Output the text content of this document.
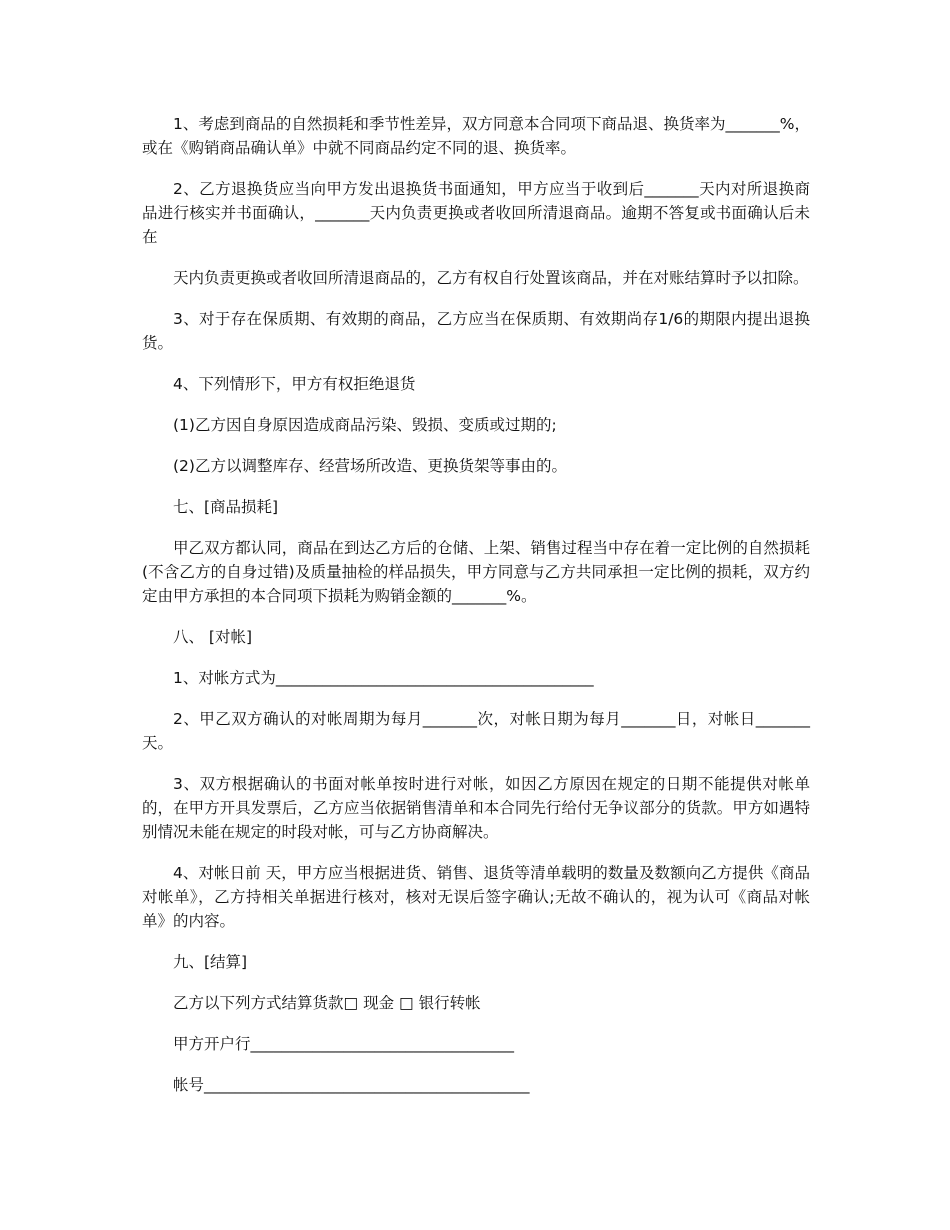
1、考虑到商品的自然损耗和季节性差异，双方同意本合同项下商品退、换货率为_______%，或在《购销商品确认单》中就不同商品约定不同的退、换货率。

2、乙方退换货应当向甲方发出退换货书面通知，甲方应当于收到后_______天内对所退换商品进行核实并书面确认，_______天内负责更换或者收回所清退商品。逾期不答复或书面确认后未在

天内负责更换或者收回所清退商品的，乙方有权自行处置该商品，并在对账结算时予以扣除。

3、对于存在保质期、有效期的商品，乙方应当在保质期、有效期尚存1/6的期限内提出退换货。

4、下列情形下，甲方有权拒绝退货

(1)乙方因自身原因造成商品污染、毁损、变质或过期的;

(2)乙方以调整库存、经营场所改造、更换货架等事由的。

七、[商品损耗]

甲乙双方都认同，商品在到达乙方后的仓储、上架、销售过程当中存在着一定比例的自然损耗(不含乙方的自身过错)及质量抽检的样品损失，甲方同意与乙方共同承担一定比例的损耗，双方约定由甲方承担的本合同项下损耗为购销金额的_______%。

八、 [对帐]

1、对帐方式为_________________________________________

2、甲乙双方确认的对帐周期为每月_______次，对帐日期为每月_______日，对帐日_______天。

3、双方根据确认的书面对帐单按时进行对帐，如因乙方原因在规定的日期不能提供对帐单的，在甲方开具发票后，乙方应当依据销售清单和本合同先行给付无争议部分的货款。甲方如遇特别情况未能在规定的时段对帐，可与乙方协商解决。

4、对帐日前 天，甲方应当根据进货、销售、退货等清单载明的数量及数额向乙方提供《商品对帐单》，乙方持相关单据进行核对，核对无误后签字确认;无故不确认的，视为认可《商品对帐单》的内容。

九、[结算]

乙方以下列方式结算货款□ 现金 □ 银行转帐

甲方开户行__________________________________

帐号__________________________________________
